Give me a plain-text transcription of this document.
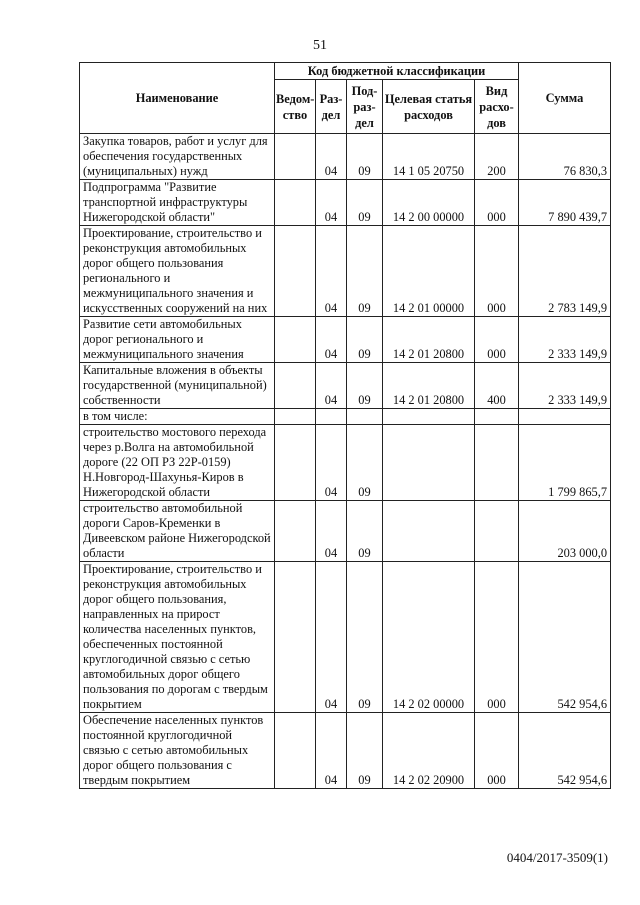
51
Наименование	Код бюджетной классификации					Сумма
	Ведом-ство	Раз-дел	Под-раз-дел	Целевая статья расходов	Вид расхо-дов	
Закупка товаров, работ и услуг для обеспечения государственных (муниципальных) нужд		04	09	14 1 05 20750	200	76 830,3
Подпрограмма "Развитие транспортной инфраструктуры Нижегородской области"		04	09	14 2 00 00000	000	7 890 439,7
Проектирование, строительство и реконструкция автомобильных дорог общего пользования регионального и межмуниципального значения и искусственных сооружений на них		04	09	14 2 01 00000	000	2 783 149,9
Развитие сети автомобильных дорог регионального и межмуниципального значения		04	09	14 2 01 20800	000	2 333 149,9
Капитальные вложения в объекты государственной (муниципальной) собственности		04	09	14 2 01 20800	400	2 333 149,9
в том числе:						
строительство мостового перехода через р.Волга на автомобильной дороге (22 ОП РЗ 22Р-0159) Н.Новгород-Шахунья-Киров в Нижегородской области		04	09			1 799 865,7
строительство автомобильной дороги Саров-Кременки в Дивеевском районе Нижегородской области		04	09			203 000,0
Проектирование, строительство и реконструкция автомобильных дорог общего пользования, направленных на прирост количества населенных пунктов, обеспеченных постоянной круглогодичной связью с сетью автомобильных дорог общего пользования по дорогам с твердым покрытием		04	09	14 2 02 00000	000	542 954,6
Обеспечение населенных пунктов постоянной круглогодичной связью с сетью автомобильных дорог общего пользования с твердым покрытием		04	09	14 2 02 20900	000	542 954,6
0404/2017-3509(1)
